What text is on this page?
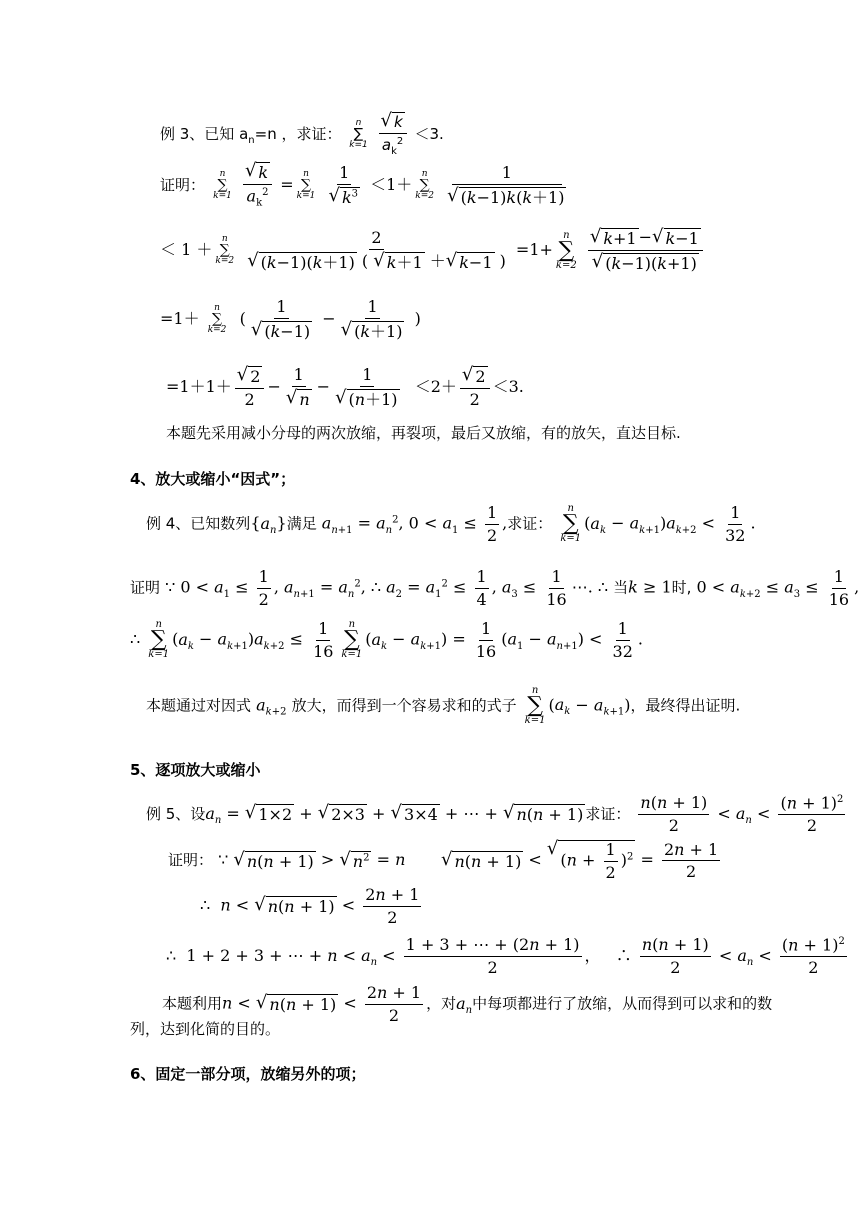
例 3、已知 $a_n=n$ ，求证：
n
∑
k=1
$\frac{√ k}{a_k^2} <3$.
证明：
n
∑
k=1
$\frac{√ k}{a_k^2}$ =
n
∑
k=1
$\frac{1}{√ k^3} <1+$
n
∑
k=2
$\frac{1}{√ (k-1)k(k+1)}$
＜ 1 ＋
n
∑
k=2
$\frac{2}{√ (k-1)(k+1) ( √ k+1 + √ k-1 )} =1+$
n
∑
k=2
$\frac{√ k+1 - √ k-1}{√ (k-1)(k+1)}$
=1＋
n
∑
k=2
( $\frac{1}{√ (k-1)} - \frac{1}{√ (k+1)}$ )
$=1+1+ \frac{√ 2}{2} - \frac{1}{√ n} - \frac{1}{√ (n+1)} <2+ \frac{√ 2}{2} <3$.
本题先采用减小分母的两次放缩，再裂项，最后又放缩，有的放矢，直达目标.
4、放大或缩小“因式”；
例 4、已知数列$\{a_n\}$满足 $a_{n+1} = a_n^2$, $0 < a_1 \le \frac{1}{2}$ ,求证：
n
∑
k=1
$(a_k - a_{k+1})a_{k+2} < \frac{1}{32}$ .
证明 ∵ $0 < a_1 \le \frac{1}{2}$ , $a_{n+1} = a_n^2$, ∴ $a_2 = a_1^2 \le \frac{1}{4}$ , $a_3 \le \frac{1}{16}$ ⋯. ∴ 当k ≥ 1时, $0 < a_{k+2} \le a_3 \le \frac{1}{16}$ ,
∴
n
∑
k=1
$(a_k - a_{k+1})a_{k+2} \le \frac{1}{16}$ n
∑
k=1
$(a_k - a_{k+1}) = \frac{1}{16} (a_1 - a_{n+1}) < \frac{1}{32}$ .
本题通过对因式 $a_{k+2}$ 放大，而得到一个容易求和的式子
n
∑
k=1
$(a_k - a_{k+1})$，最终得出证明.
5、逐项放大或缩小
例 5、设$a_n$ = √ 1×2 + √ 2×3 + √ 3×4 + ⋯ + √ n(n + 1) 求证： $\frac{n(n + 1)}{2} < a_n < \frac{(n + 1)^2}{2}$
证明： ∵ √ n(n + 1) > √ $n^2 = n$ √ n(n + 1) <
√
$(n + \frac{1}{2} )^2 = \frac{2n + 1}{2}$
∴  n < √ $n(n + 1) < \frac{2n + 1}{2}$
∴  1 + 2 + 3 + ⋯ + $n < a_n < \frac{1 + 3 + \cdots + (2n + 1)}{2}$ ，   ∴ $\frac{n(n + 1)}{2} < a_n < \frac{(n + 1)^2}{2}$
本题利用n < √ $n(n + 1) < \frac{2n + 1}{2}$ ，对$a_n$中每项都进行了放缩，从而得到可以求和的数
列，达到化简的目的。
6、固定一部分项，放缩另外的项；
